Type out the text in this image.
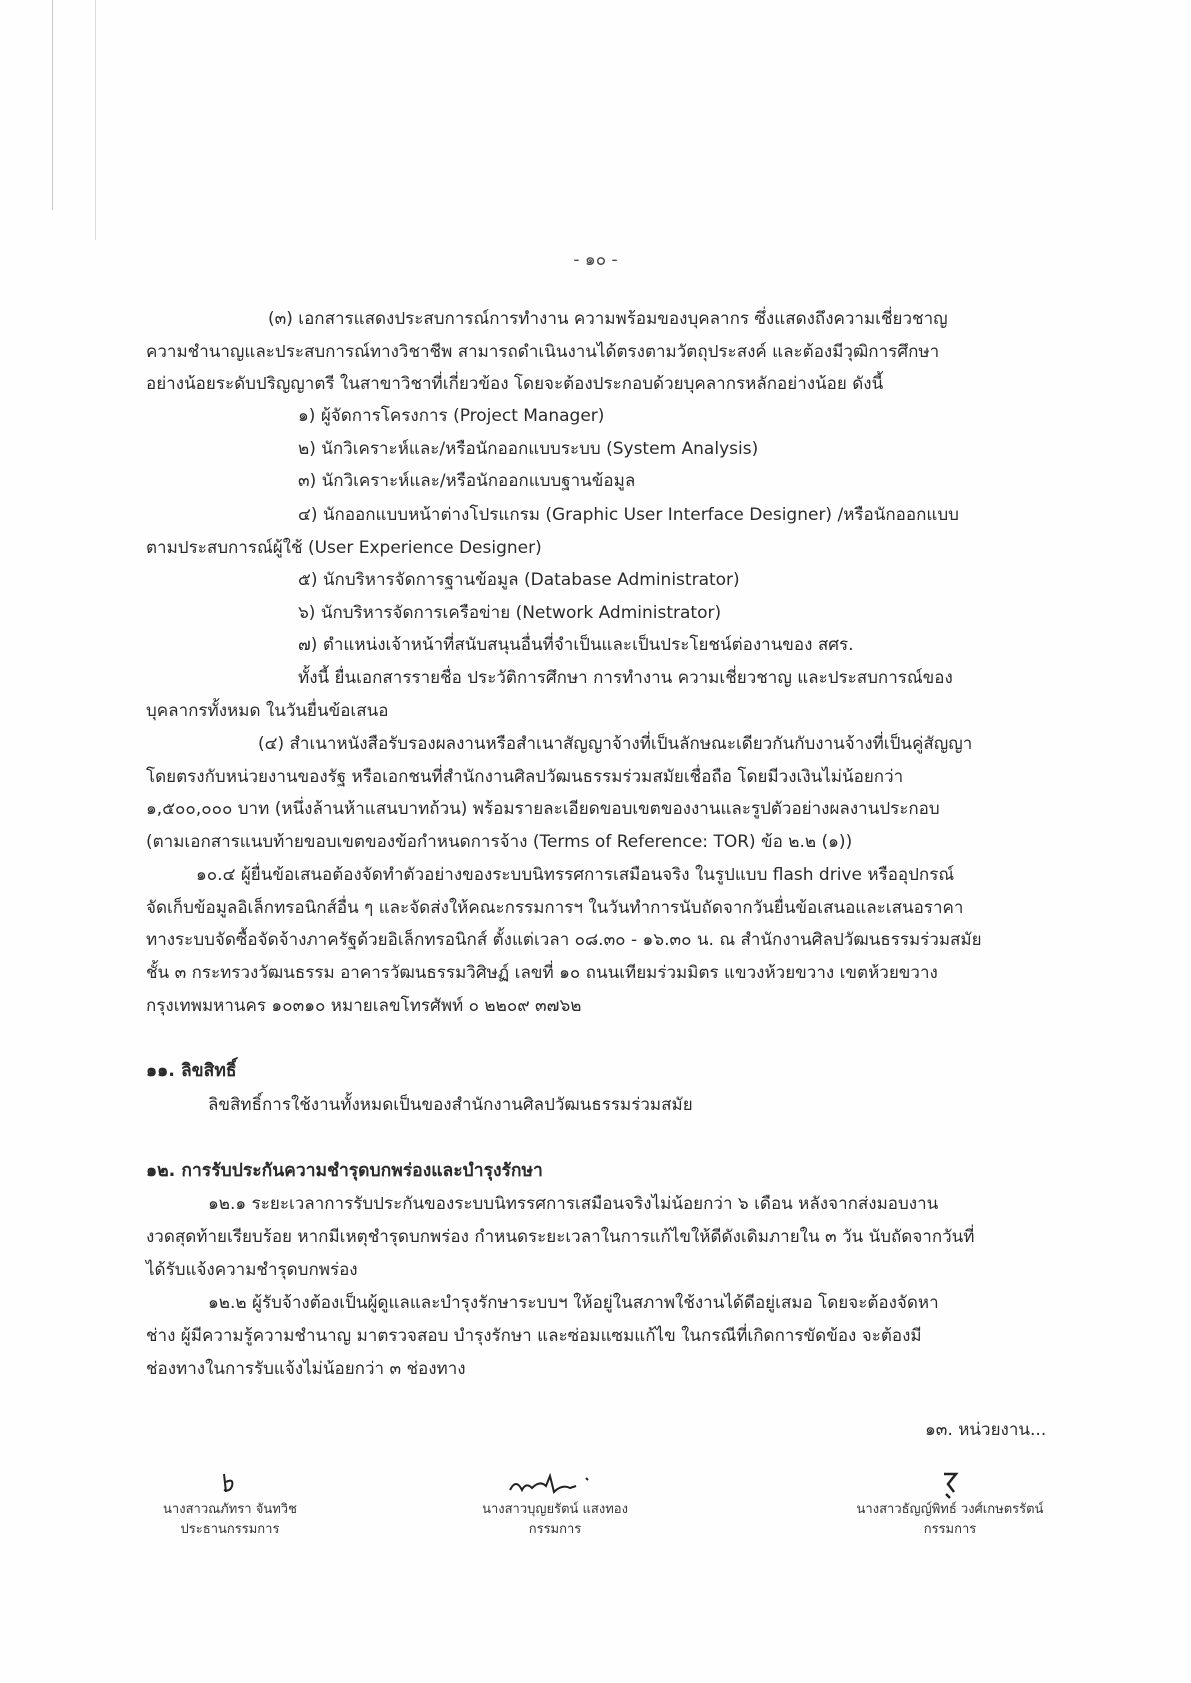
- ๑๐ -
(๓) เอกสารแสดงประสบการณ์การทำงาน ความพร้อมของบุคลากร ซึ่งแสดงถึงความเชี่ยวชาญ
ความชำนาญและประสบการณ์ทางวิชาชีพ สามารถดำเนินงานได้ตรงตามวัตถุประสงค์ และต้องมีวุฒิการศึกษา
อย่างน้อยระดับปริญญาตรี ในสาขาวิชาที่เกี่ยวข้อง โดยจะต้องประกอบด้วยบุคลากรหลักอย่างน้อย ดังนี้
๑) ผู้จัดการโครงการ (Project Manager)
๒) นักวิเคราะห์และ/หรือนักออกแบบระบบ (System Analysis)
๓) นักวิเคราะห์และ/หรือนักออกแบบฐานข้อมูล
๔) นักออกแบบหน้าต่างโปรแกรม (Graphic User Interface Designer) /หรือนักออกแบบ
ตามประสบการณ์ผู้ใช้ (User Experience Designer)
๕) นักบริหารจัดการฐานข้อมูล (Database Administrator)
๖) นักบริหารจัดการเครือข่าย (Network Administrator)
๗) ตำแหน่งเจ้าหน้าที่สนับสนุนอื่นที่จำเป็นและเป็นประโยชน์ต่องานของ สศร.
ทั้งนี้ ยื่นเอกสารรายชื่อ ประวัติการศึกษา การทำงาน ความเชี่ยวชาญ และประสบการณ์ของ
บุคลากรทั้งหมด ในวันยื่นข้อเสนอ
(๔) สำเนาหนังสือรับรองผลงานหรือสำเนาสัญญาจ้างที่เป็นลักษณะเดียวกันกับงานจ้างที่เป็นคู่สัญญา
โดยตรงกับหน่วยงานของรัฐ หรือเอกชนที่สำนักงานศิลปวัฒนธรรมร่วมสมัยเชื่อถือ โดยมีวงเงินไม่น้อยกว่า
๑,๕๐๐,๐๐๐ บาท (หนึ่งล้านห้าแสนบาทถ้วน) พร้อมรายละเอียดขอบเขตของงานและรูปตัวอย่างผลงานประกอบ
(ตามเอกสารแนบท้ายขอบเขตของข้อกำหนดการจ้าง (Terms of Reference: TOR) ข้อ ๒.๒ (๑))
๑๐.๔ ผู้ยื่นข้อเสนอต้องจัดทำตัวอย่างของระบบนิทรรศการเสมือนจริง ในรูปแบบ flash drive หรืออุปกรณ์
จัดเก็บข้อมูลอิเล็กทรอนิกส์อื่น ๆ และจัดส่งให้คณะกรรมการฯ ในวันทำการนับถัดจากวันยื่นข้อเสนอและเสนอราคา
ทางระบบจัดซื้อจัดจ้างภาครัฐด้วยอิเล็กทรอนิกส์ ตั้งแต่เวลา ๐๘.๓๐ - ๑๖.๓๐ น. ณ สำนักงานศิลปวัฒนธรรมร่วมสมัย
ชั้น ๓ กระทรวงวัฒนธรรม อาคารวัฒนธรรมวิศิษฏ์ เลขที่ ๑๐ ถนนเทียมร่วมมิตร แขวงห้วยขวาง เขตห้วยขวาง
กรุงเทพมหานคร ๑๐๓๑๐ หมายเลขโทรศัพท์ ๐ ๒๒๐๙ ๓๗๖๒
๑๑. ลิขสิทธิ์
ลิขสิทธิ์การใช้งานทั้งหมดเป็นของสำนักงานศิลปวัฒนธรรมร่วมสมัย
๑๒. การรับประกันความชำรุดบกพร่องและบำรุงรักษา
๑๒.๑ ระยะเวลาการรับประกันของระบบนิทรรศการเสมือนจริงไม่น้อยกว่า ๖ เดือน หลังจากส่งมอบงาน
งวดสุดท้ายเรียบร้อย หากมีเหตุชำรุดบกพร่อง กำหนดระยะเวลาในการแก้ไขให้ดีดังเดิมภายใน ๓ วัน นับถัดจากวันที่
ได้รับแจ้งความชำรุดบกพร่อง
๑๒.๒ ผู้รับจ้างต้องเป็นผู้ดูแลและบำรุงรักษาระบบฯ ให้อยู่ในสภาพใช้งานได้ดีอยู่เสมอ โดยจะต้องจัดหา
ช่าง ผู้มีความรู้ความชำนาญ มาตรวจสอบ บำรุงรักษา และซ่อมแซมแก้ไข ในกรณีที่เกิดการขัดข้อง จะต้องมี
ช่องทางในการรับแจ้งไม่น้อยกว่า ๓ ช่องทาง
๑๓. หน่วยงาน...
นางสาวณภัทรา จันทวิช
ประธานกรรมการ
นางสาวบุญยรัตน์ แสงทอง
กรรมการ
นางสาวธัญญ์พิทธ์ วงศ์เกษตรรัตน์
กรรมการ
